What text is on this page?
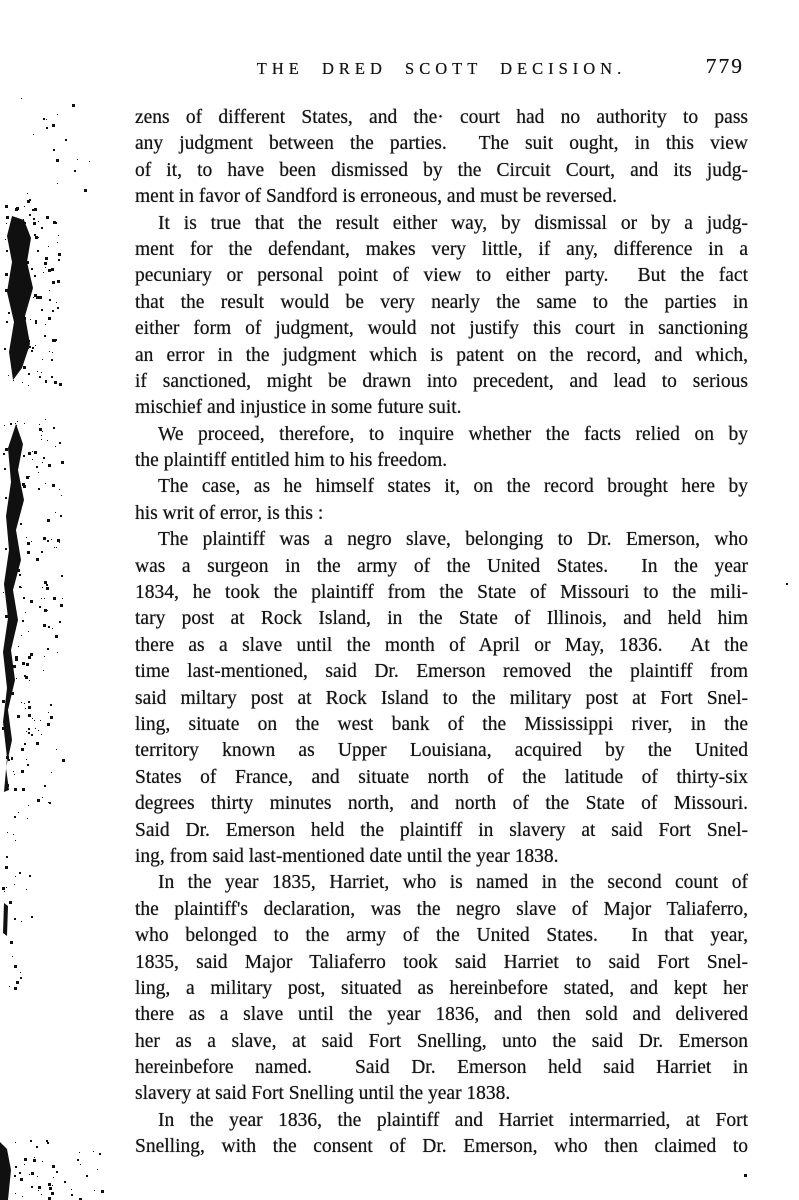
THE DRED SCOTT DECISION.	779
zens of different States, and the· court had no authority to pass
any judgment between the parties.  The suit ought, in this view
of it, to have been dismissed by the Circuit Court, and its judg-
ment in favor of Sandford is erroneous, and must be reversed.
It is true that the result either way, by dismissal or by a judg-
ment for the defendant, makes very little, if any, difference in a
pecuniary or personal point of view to either party.  But the fact
that the result would be very nearly the same to the parties in
either form of judgment, would not justify this court in sanctioning
an error in the judgment which is patent on the record, and which,
if sanctioned, might be drawn into precedent, and lead to serious
mischief and injustice in some future suit.
We proceed, therefore, to inquire whether the facts relied on by
the plaintiff entitled him to his freedom.
The case, as he himself states it, on the record brought here by
his writ of error, is this :
The plaintiff was a negro slave, belonging to Dr. Emerson, who
was a surgeon in the army of the United States.  In the year
1834, he took the plaintiff from the State of Missouri to the mili-
tary post at Rock Island, in the State of Illinois, and held him
there as a slave until the month of April or May, 1836.  At the
time last-mentioned, said Dr. Emerson removed the plaintiff from
said miltary post at Rock Island to the military post at Fort Snel-
ling, situate on the west bank of the Mississippi river, in the
territory known as Upper Louisiana, acquired by the United
States of France, and situate north of the latitude of thirty-six
degrees thirty minutes north, and north of the State of Missouri.
Said Dr. Emerson held the plaintiff in slavery at said Fort Snel-
ing, from said last-mentioned date until the year 1838.
In the year 1835, Harriet, who is named in the second count of
the plaintiff's declaration, was the negro slave of Major Taliaferro,
who belonged to the army of the United States.  In that year,
1835, said Major Taliaferro took said Harriet to said Fort Snel-
ling, a military post, situated as hereinbefore stated, and kept her
there as a slave until the year 1836, and then sold and delivered
her as a slave, at said Fort Snelling, unto the said Dr. Emerson
hereinbefore named.  Said Dr. Emerson held said Harriet in
slavery at said Fort Snelling until the year 1838.
In the year 1836, the plaintiff and Harriet intermarried, at Fort
Snelling, with the consent of Dr. Emerson, who then claimed to
